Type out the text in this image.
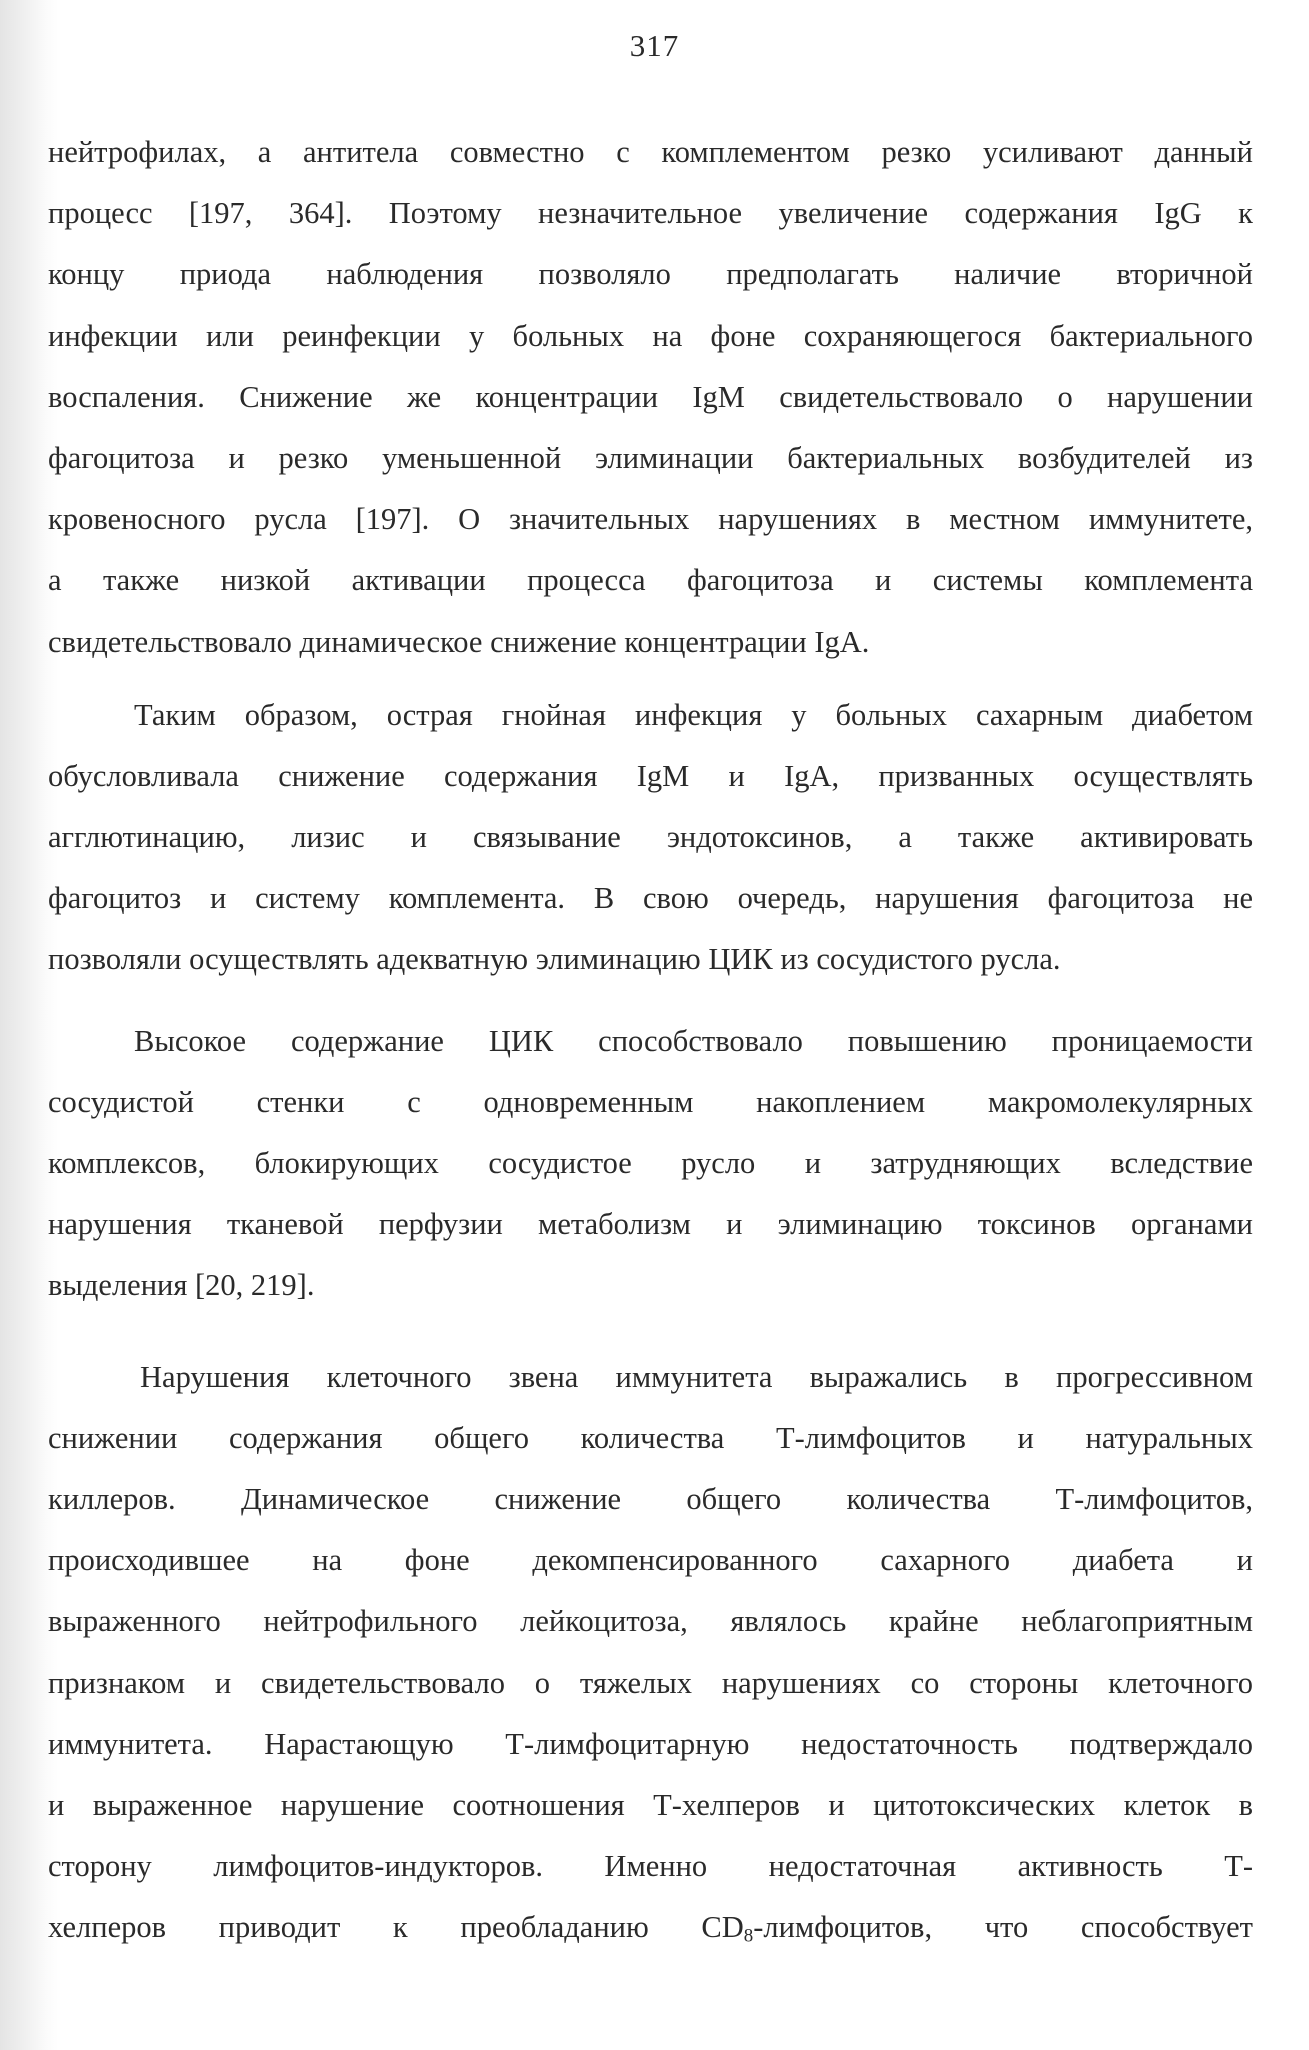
317
нейтрофилах, а антитела совместно с комплементом резко усиливают данный
процесс [197, 364]. Поэтому незначительное увеличение содержания IgG к
концу приода наблюдения позволяло предполагать наличие вторичной
инфекции или реинфекции у больных на фоне сохраняющегося бактериального
воспаления. Снижение же концентрации IgM свидетельствовало о нарушении
фагоцитоза и резко уменьшенной элиминации бактериальных возбудителей из
кровеносного русла [197]. О значительных нарушениях в местном иммунитете,
а также низкой активации процесса фагоцитоза и системы комплемента
свидетельствовало динамическое снижение концентрации IgA.
Таким образом, острая гнойная инфекция у больных сахарным диабетом
обусловливала снижение содержания IgM и IgA, призванных осуществлять
агглютинацию, лизис и связывание эндотоксинов, а также активировать
фагоцитоз и систему комплемента. В свою очередь, нарушения фагоцитоза не
позволяли осуществлять адекватную элиминацию ЦИК из сосудистого русла.
Высокое содержание ЦИК способствовало повышению проницаемости
сосудистой стенки с одновременным накоплением макромолекулярных
комплексов, блокирующих сосудистое русло и затрудняющих вследствие
нарушения тканевой перфузии метаболизм и элиминацию токсинов органами
выделения [20, 219].
Нарушения клеточного звена иммунитета выражались в прогрессивном
снижении содержания общего количества Т-лимфоцитов и натуральных
киллеров. Динамическое снижение общего количества Т-лимфоцитов,
происходившее на фоне декомпенсированного сахарного диабета и
выраженного нейтрофильного лейкоцитоза, являлось крайне неблагоприятным
признаком и свидетельствовало о тяжелых нарушениях со стороны клеточного
иммунитета. Нарастающую Т-лимфоцитарную недостаточность подтверждало
и выраженное нарушение соотношения Т-хелперов и цитотоксических клеток в
сторону лимфоцитов-индукторов. Именно недостаточная активность Т-
хелперов приводит к преобладанию $CD_8$-лимфоцитов, что способствует
